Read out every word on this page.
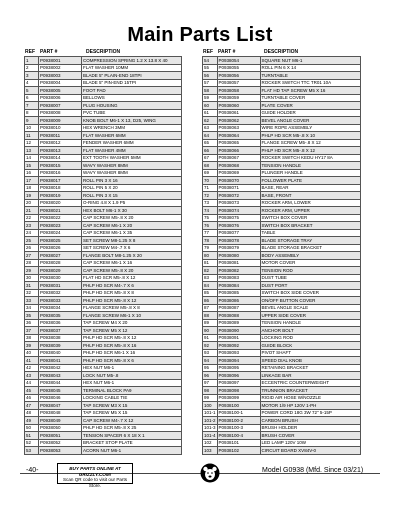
Main Parts List
REF PART #	DESCRIPTION	REF PART #	DESCRIPTION
1	P0938001	COMPRESSION SPRING 1.2 X 13.8 X 40
2	P0938002	FLAT WASHER 10MM
3	P0938003	BLADE 5" PLAIN-END 18TPI
4	P0938004	BLADE 5" PIN-END 15TPI
5	P0938005	FOOT PAD
6	P0938006	BELLOWS
7	P0938007	PLUG HOUSING
8	P0938008	PVC TUBE
9	P0938009	KNOB BOLT M6-1 X 13, D25, WING
10	P0938010	HEX WRENCH 3MM
11	P0938011	FLAT WASHER 6MM
12	P0938012	FENDER WASHER 6MM
13	P0938013	FLAT WASHER 4MM
14	P0938014	EXT TOOTH WASHER 5MM
15	P0938015	WAVY WASHER 8MM
16	P0938016	WAVY WASHER 8MM
17	P0938017	ROLL PIN 3 X 16
18	P0938018	ROLL PIN 5 X 20
19	P0938019	ROLL PIN 3 X 15
20	P0938020	O-RING 4.8 X 1.9 P5
21	P0938021	HEX BOLT M6-1 X 30
22	P0938022	CAP SCREW M5-.8 X 20
23	P0938023	CAP SCREW M6-1 X 20
24	P0938024	CAP SCREW M6-1 X 35
25	P0938025	SET SCREW M8-1.25 X 8
26	P0938026	SET SCREW M4-.7 X 6
27	P0938027	FLANGE BOLT M8-1.25 X 20
28	P0938028	CAP SCREW M6-1 X 16
29	P0938029	CAP SCREW M5-.8 X 20
30	P0938030	FLAT HD SCR M5-.8 X 12
31	P0938031	PHLP HD SCR M4-.7 X 6
32	P0938032	PHLP HD SCR M5-.8 X 8
33	P0938033	PHLP HD SCR M5-.8 X 12
34	P0938034	FLANGE SCREW M5-.8 X 8
35	P0938035	FLANGE SCREW M6-1 X 10
36	P0938036	TAP SCREW M4 X 20
37	P0938037	TAP SCREW M5 X 12
38	P0938038	PHLP HD SCR M5-.8 X 12
39	P0938039	PHLP HD SCR M5-.8 X 16
40	P0938040	PHLP HD SCR M6-1 X 16
41	P0938041	PHLP HD SCR M5-.8 X 6
42	P0938042	HEX NUT M6-1
43	P0938043	LOCK NUT M5-.8
44	P0938044	HEX NUT M6-1
45	P0938045	TERMINAL BLOCK PA9
46	P0938046	LOCKING CABLE TIE
47	P0938047	TAP SCREW M3 X 15
48	P0938048	TAP SCREW M5 X 15
49	P0938049	CAP SCREW M4-.7 X 12
50	P0938050	PHLP HD SCR M5-.8 X 25
51	P0938051	TENSION SPACER 6 X 18 X 1
52	P0938052	BRACKET STOP PLATE
53	P0938053	ACORN NUT M6-1
54	P0938054	SQUARE NUT M6-1
55	P0938055	ROLL PIN 6 X 14
56	P0938056	TURNTABLE
57	P0938057	ROCKER SWITCH TTC TR01 10A
58	P0938058	FLAT HD TAP SCREW M5 X 16
59	P0938059	TURNTABLE COVER
60	P0938060	PLATE COVER
61	P0938061	GUIDE HOLDER
62	P0938062	BEVEL ANGLE COVER
63	P0938063	WIRE ROPE ASSEMBLY
64	P0938064	PHLP HD SCR M5-.8 X 10
65	P0938065	FLANGE SCREW M5-.8 X 12
66	P0938066	PHLP HD SCR M5-.8 X 12
67	P0938067	ROCKER SWITCH KEDU HY17 8A
68	P0938068	TENSION HANDLE
69	P0938069	PLUNGER HANDLE
70	P0938070	FOLLOWER PLATE
71	P0938071	BASE, REAR
72	P0938072	BASE, FRONT
73	P0938073	ROCKER ARM, LOWER
74	P0938074	ROCKER ARM, UPPER
75	P0938075	SWITCH BOX COVER
76	P0938076	SWITCH BOX BRACKET
77	P0938077	TABLE
78	P0938078	BLADE STORAGE TRAY
79	P0938079	BLADE STORAGE BRACKET
80	P0938080	BODY ASSEMBLY
81	P0938081	MOTOR COVER
82	P0938082	TENSION ROD
83	P0938083	DUST TUBE
84	P0938084	DUST PORT
85	P0938085	SWITCH BOX SIDE COVER
86	P0938086	ON/OFF BUTTON COVER
87	P0938087	BEVEL ANGLE SCALE
88	P0938088	UPPER SIDE COVER
89	P0938089	TENSION HANDLE
90	P0938090	ANCHOR BOLT
91	P0938091	LOCKING ROD
92	P0938092	GUIDE BLOCK
93	P0938093	PIVOT SHAFT
94	P0938094	SPEED DIAL KNOB
95	P0938095	RETAINING BRACKET
96	P0938096	LINKAGE BAR
97	P0938097	ECCENTRIC COUNTERWEIGHT
98	P0938098	TRUNNION BRACKET
99	P0938099	RIGID AIR HOSE W/NOZZLE
100	P0938100	MOTOR 1/9 HP 120V 1-PH
101-1	P0938100-1	POWER CORD 18G 3W 72" 5-15P
101-2	P0938100-2	CARBON BRUSH
101-3	P0938100-3	BRUSH HOLDER
101-4	P0938100-4	BRUSH COVER
102	P0938101	LED LAMP 120V 10W
103	P0938102	CIRCUIT BOARD XV84V-0
-40-	BUY PARTS ONLINE AT GRIZZLY.COM!
Scan QR code to visit our Parts Store.
Model G0938 (Mfd. Since 03/21)
